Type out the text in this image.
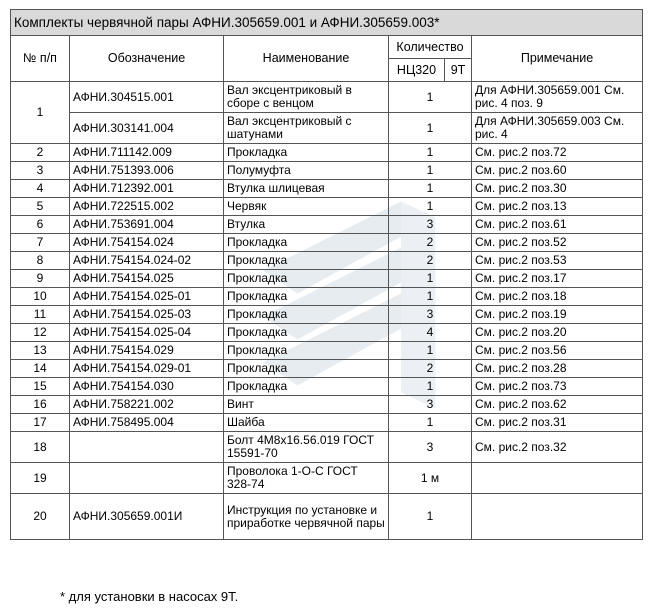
Комплекты червячной пары АФНИ.305659.001 и АФНИ.305659.003*					
№ п/п	Обозначение	Наименование	Количество		Примечание
			НЦ320	9Т	
1	АФНИ.304515.001	Вал эксцентриковый в сборе с венцом	1		Для АФНИ.305659.001 См. рис. 4 поз. 9
	АФНИ.303141.004	Вал эксцентриковый с шатунами	1		Для АФНИ.305659.003 См. рис. 4
2	АФНИ.711142.009	Прокладка	1		См. рис.2 поз.72
3	АФНИ.751393.006	Полумуфта	1		См. рис.2 поз.60
4	АФНИ.712392.001	Втулка шлицевая	1		См. рис.2 поз.30
5	АФНИ.722515.002	Червяк	1		См. рис.2 поз.13
6	АФНИ.753691.004	Втулка	3		См. рис.2 поз.61
7	АФНИ.754154.024	Прокладка	2		См. рис.2 поз.52
8	АФНИ.754154.024-02	Прокладка	2		См. рис.2 поз.53
9	АФНИ.754154.025	Прокладка	1		См. рис.2 поз.17
10	АФНИ.754154.025-01	Прокладка	1		См. рис.2 поз.18
11	АФНИ.754154.025-03	Прокладка	3		См. рис.2 поз.19
12	АФНИ.754154.025-04	Прокладка	4		См. рис.2 поз.20
13	АФНИ.754154.029	Прокладка	1		См. рис.2 поз.56
14	АФНИ.754154.029-01	Прокладка	2		См. рис.2 поз.28
15	АФНИ.754154.030	Прокладка	1		См. рис.2 поз.73
16	АФНИ.758221.002	Винт	3		См. рис.2 поз.62
17	АФНИ.758495.004	Шайба	1		См. рис.2 поз.31
18		Болт 4М8х16.56.019 ГОСТ 15591-70	3		См. рис.2 поз.32
19		Проволока 1-О-С ГОСТ 328-74	1 м		
20	АФНИ.305659.001И	Инструкция по установке и приработке червячной пары	1		
* для установки в насосах 9Т.
